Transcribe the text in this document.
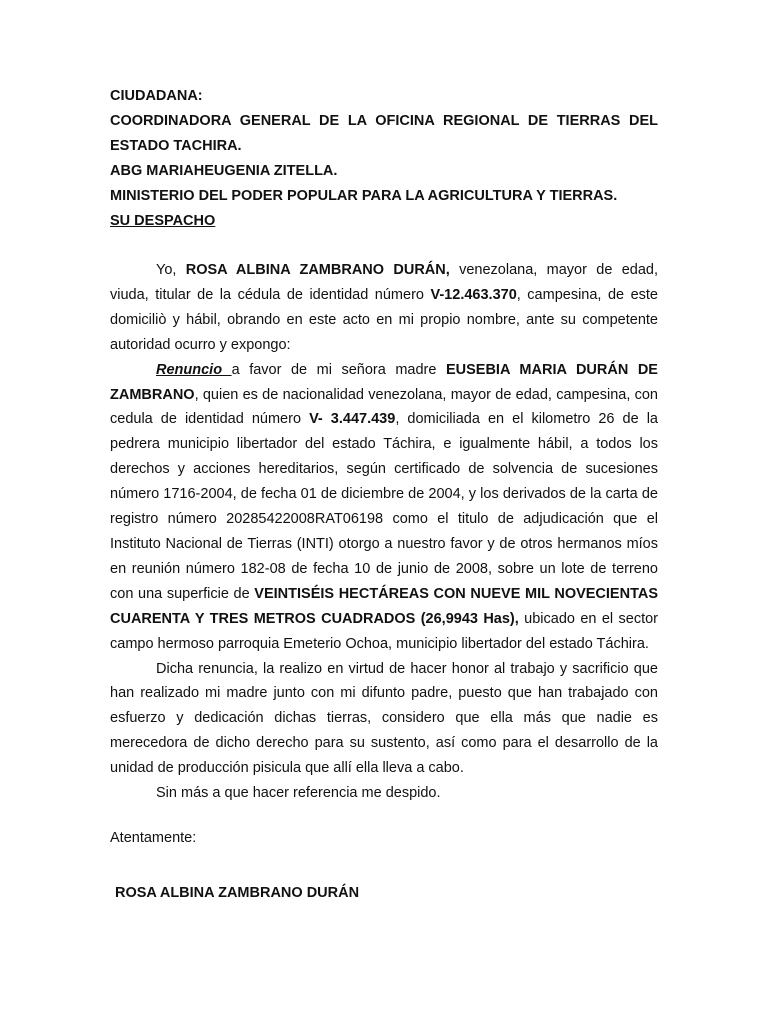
CIUDADANA:
COORDINADORA GENERAL DE LA OFICINA REGIONAL DE TIERRAS DEL ESTADO TACHIRA.
ABG MARIAHEUGENIA ZITELLA.
MINISTERIO DEL PODER POPULAR PARA LA AGRICULTURA Y TIERRAS.
SU DESPACHO

Yo, ROSA ALBINA ZAMBRANO DURÁN, venezolana, mayor de edad, viuda, titular de la cédula de identidad número V-12.463.370, campesina, de este domiciliò y hábil, obrando en este acto en mi propio nombre, ante su competente autoridad ocurro y expongo:

Renuncio a favor de mi señora madre EUSEBIA MARIA DURÁN DE ZAMBRANO, quien es de nacionalidad venezolana, mayor de edad, campesina, con cedula de identidad número V- 3.447.439, domiciliada en el kilometro 26 de la pedrera municipio libertador del estado Táchira, e igualmente hábil, a todos los derechos y acciones hereditarios, según certificado de solvencia de sucesiones número 1716-2004, de fecha 01 de diciembre de 2004, y los derivados de la carta de registro número 20285422008RAT06198 como el titulo de adjudicación que el Instituto Nacional de Tierras (INTI) otorgo a nuestro favor y de otros hermanos míos en reunión número 182-08 de fecha 10 de junio de 2008, sobre un lote de terreno con una superficie de VEINTISÉIS HECTÁREAS CON NUEVE MIL NOVECIENTAS CUARENTA Y TRES METROS CUADRADOS (26,9943 Has), ubicado en el sector campo hermoso parroquia Emeterio Ochoa, municipio libertador del estado Táchira.

Dicha renuncia, la realizo en virtud de hacer honor al trabajo y sacrificio que han realizado mi madre junto con mi difunto padre, puesto que han trabajado con esfuerzo y dedicación dichas tierras, considero que ella más que nadie es merecedora de dicho derecho para su sustento, así como para el desarrollo de la unidad de producción pisicula que allí ella lleva a cabo.

Sin más a que hacer referencia me despido.

Atentamente:
ROSA ALBINA ZAMBRANO DURÁN
